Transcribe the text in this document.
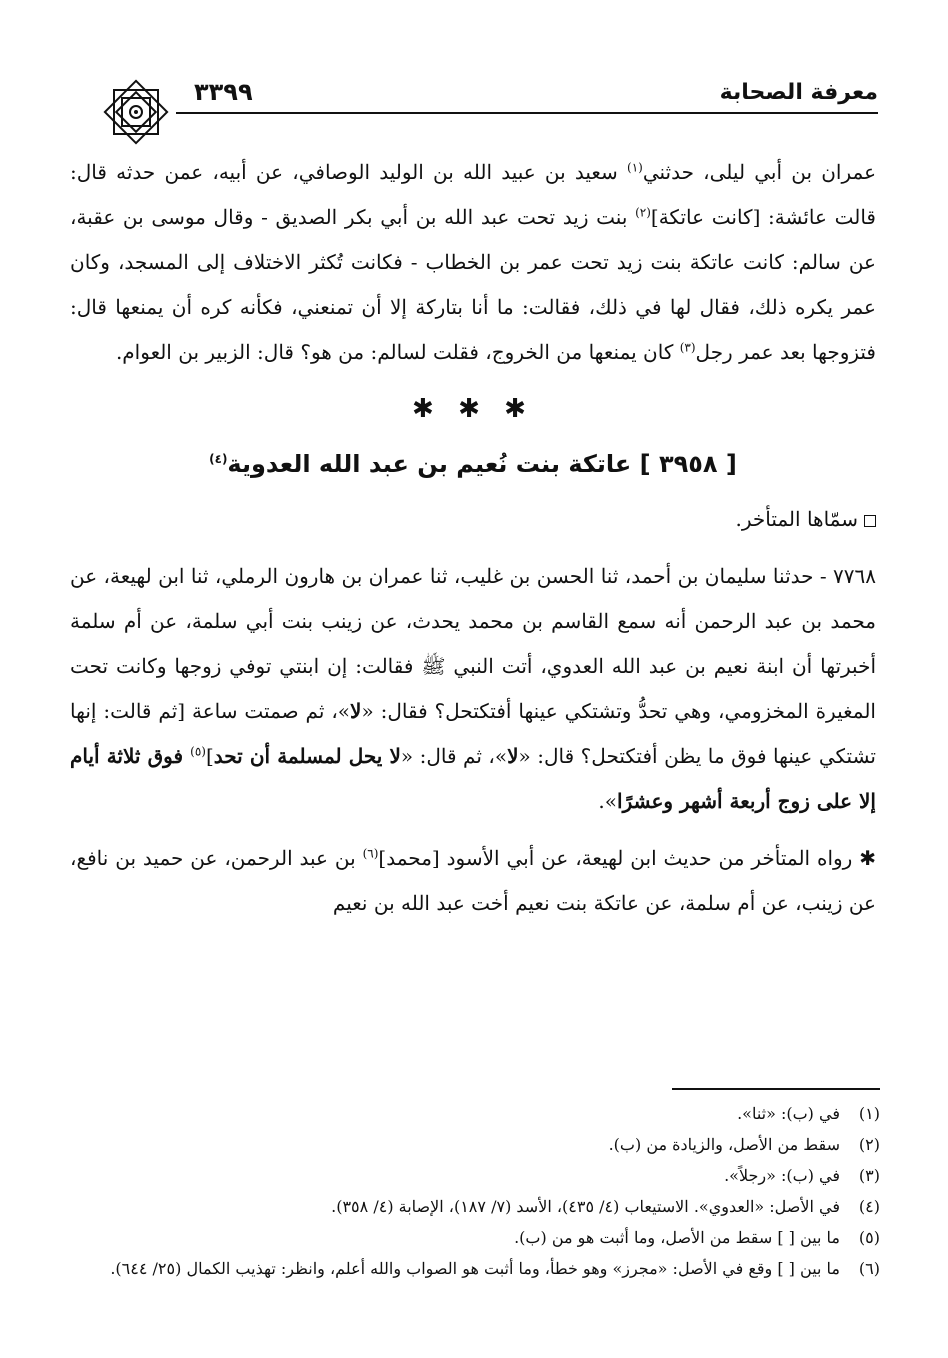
معرفة الصحابة
٣٣٩٩

عمران بن أبي ليلى، حدثني$^{(١)}$ سعيد بن عبيد الله بن الوليد الوصافي، عن أبيه، عمن حدثه قال: قالت عائشة: [كانت عاتكة]$^{(٢)}$ بنت زيد تحت عبد الله بن أبي بكر الصديق - وقال موسى بن عقبة، عن سالم: كانت عاتكة بنت زيد تحت عمر بن الخطاب - فكانت تُكثر الاختلاف إلى المسجد، وكان عمر يكره ذلك، فقال لها في ذلك، فقالت: ما أنا بتاركة إلا أن تمنعني، فكأنه كره أن يمنعها قال: فتزوجها بعد عمر رجل$^{(٣)}$ كان يمنعها من الخروج، فقلت لسالم: من هو؟ قال: الزبير بن العوام.

✱ ✱ ✱
[ ٣٩٥٨ ] عاتكة بنت نُعيم بن عبد الله العدوية$^{(٤)}$

سمّاها المتأخر.

٧٧٦٨ - حدثنا سليمان بن أحمد، ثنا الحسن بن غليب، ثنا عمران بن هارون الرملي، ثنا ابن لهيعة، عن محمد بن عبد الرحمن أنه سمع القاسم بن محمد يحدث، عن زينب بنت أبي سلمة، عن أم سلمة أخبرتها أن ابنة نعيم بن عبد الله العدوي، أتت النبي ﷺ فقالت: إن ابنتي توفي زوجها وكانت تحت المغيرة المخزومي، وهي تحدُّ وتشتكي عينها أفتكتحل؟ فقال: «لا»، ثم صمتت ساعة [ثم قالت: إنها تشتكي عينها فوق ما يظن أفتكتحل؟ قال: «لا»، ثم قال: «لا يحل لمسلمة أن تحد]$^{(٥)}$ فوق ثلاثة أيام إلا على زوج أربعة أشهر وعشرًا».

✱ رواه المتأخر من حديث ابن لهيعة، عن أبي الأسود [محمد]$^{(٦)}$ بن عبد الرحمن، عن حميد بن نافع، عن زينب، عن أم سلمة، عن عاتكة بنت نعيم أخت عبد الله بن نعيم

(١)
في (ب): «ثنا».
(٢)
سقط من الأصل، والزيادة من (ب).
(٣)
في (ب): «رجلاً».
(٤)
في الأصل: «العدوي». الاستيعاب (٤/ ٤٣٥)، الأسد (٧/ ١٨٧)، الإصابة (٤/ ٣٥٨).
(٥)
ما بين [ ] سقط من الأصل، وما أثبت هو من (ب).
(٦)
ما بين [ ] وقع في الأصل: «مجرز» وهو خطأ، وما أثبت هو الصواب والله أعلم، وانظر: تهذيب الكمال (٢٥/ ٦٤٤).
